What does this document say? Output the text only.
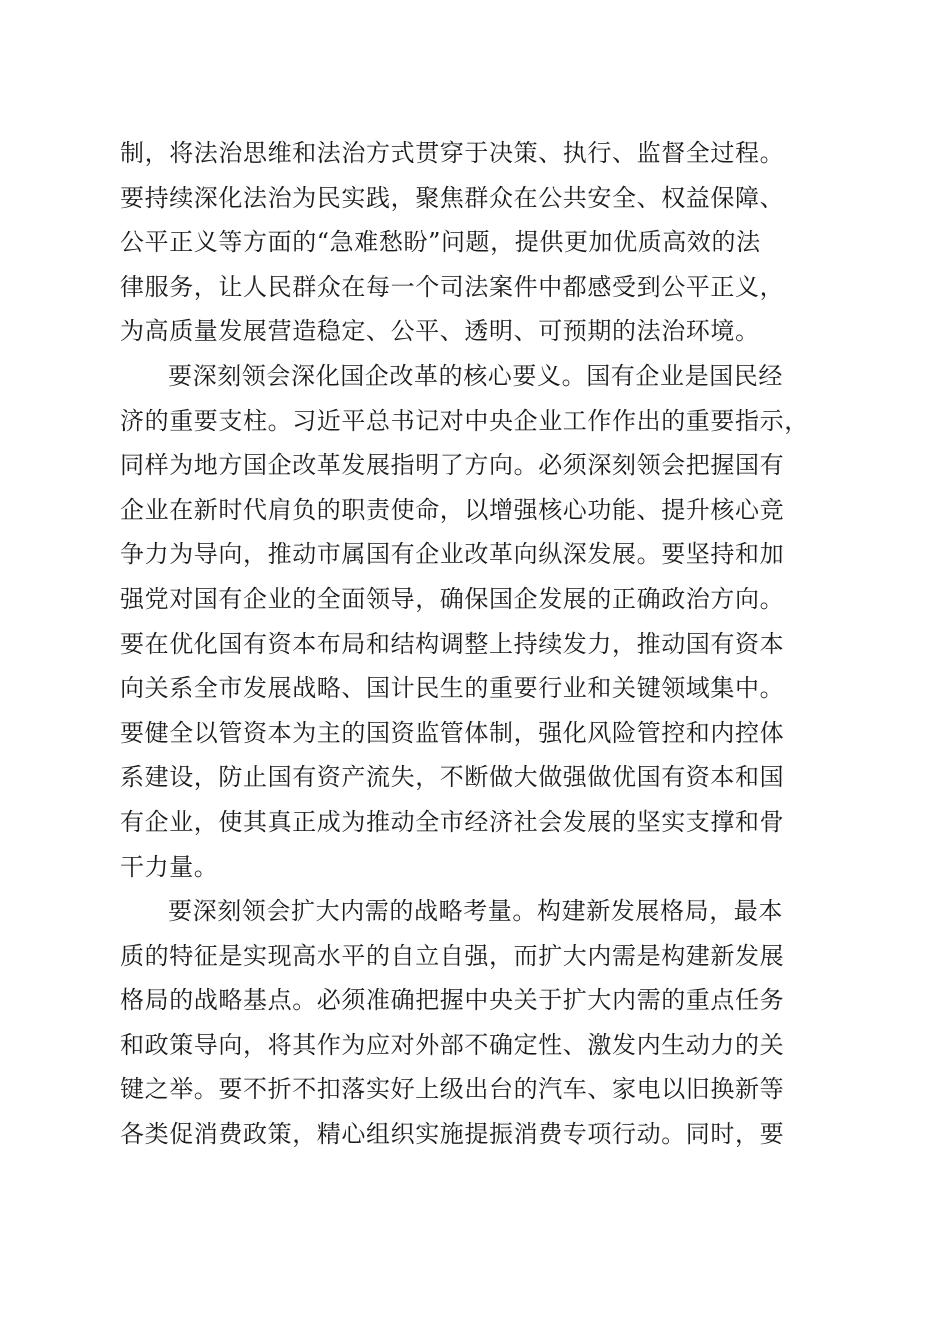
制，将法治思维和法治方式贯穿于决策、执行、监督全过程。
要持续深化法治为民实践，聚焦群众在公共安全、权益保障、
公平正义等方面的“急难愁盼”问题，提供更加优质高效的法
律服务，让人民群众在每一个司法案件中都感受到公平正义，
为高质量发展营造稳定、公平、透明、可预期的法治环境。
要深刻领会深化国企改革的核心要义。国有企业是国民经
济的重要支柱。习近平总书记对中央企业工作作出的重要指示，
同样为地方国企改革发展指明了方向。必须深刻领会把握国有
企业在新时代肩负的职责使命，以增强核心功能、提升核心竞
争力为导向，推动市属国有企业改革向纵深发展。要坚持和加
强党对国有企业的全面领导，确保国企发展的正确政治方向。
要在优化国有资本布局和结构调整上持续发力，推动国有资本
向关系全市发展战略、国计民生的重要行业和关键领域集中。
要健全以管资本为主的国资监管体制，强化风险管控和内控体
系建设，防止国有资产流失，不断做大做强做优国有资本和国
有企业，使其真正成为推动全市经济社会发展的坚实支撑和骨
干力量。
要深刻领会扩大内需的战略考量。构建新发展格局，最本
质的特征是实现高水平的自立自强，而扩大内需是构建新发展
格局的战略基点。必须准确把握中央关于扩大内需的重点任务
和政策导向，将其作为应对外部不确定性、激发内生动力的关
键之举。要不折不扣落实好上级出台的汽车、家电以旧换新等
各类促消费政策，精心组织实施提振消费专项行动。同时，要
